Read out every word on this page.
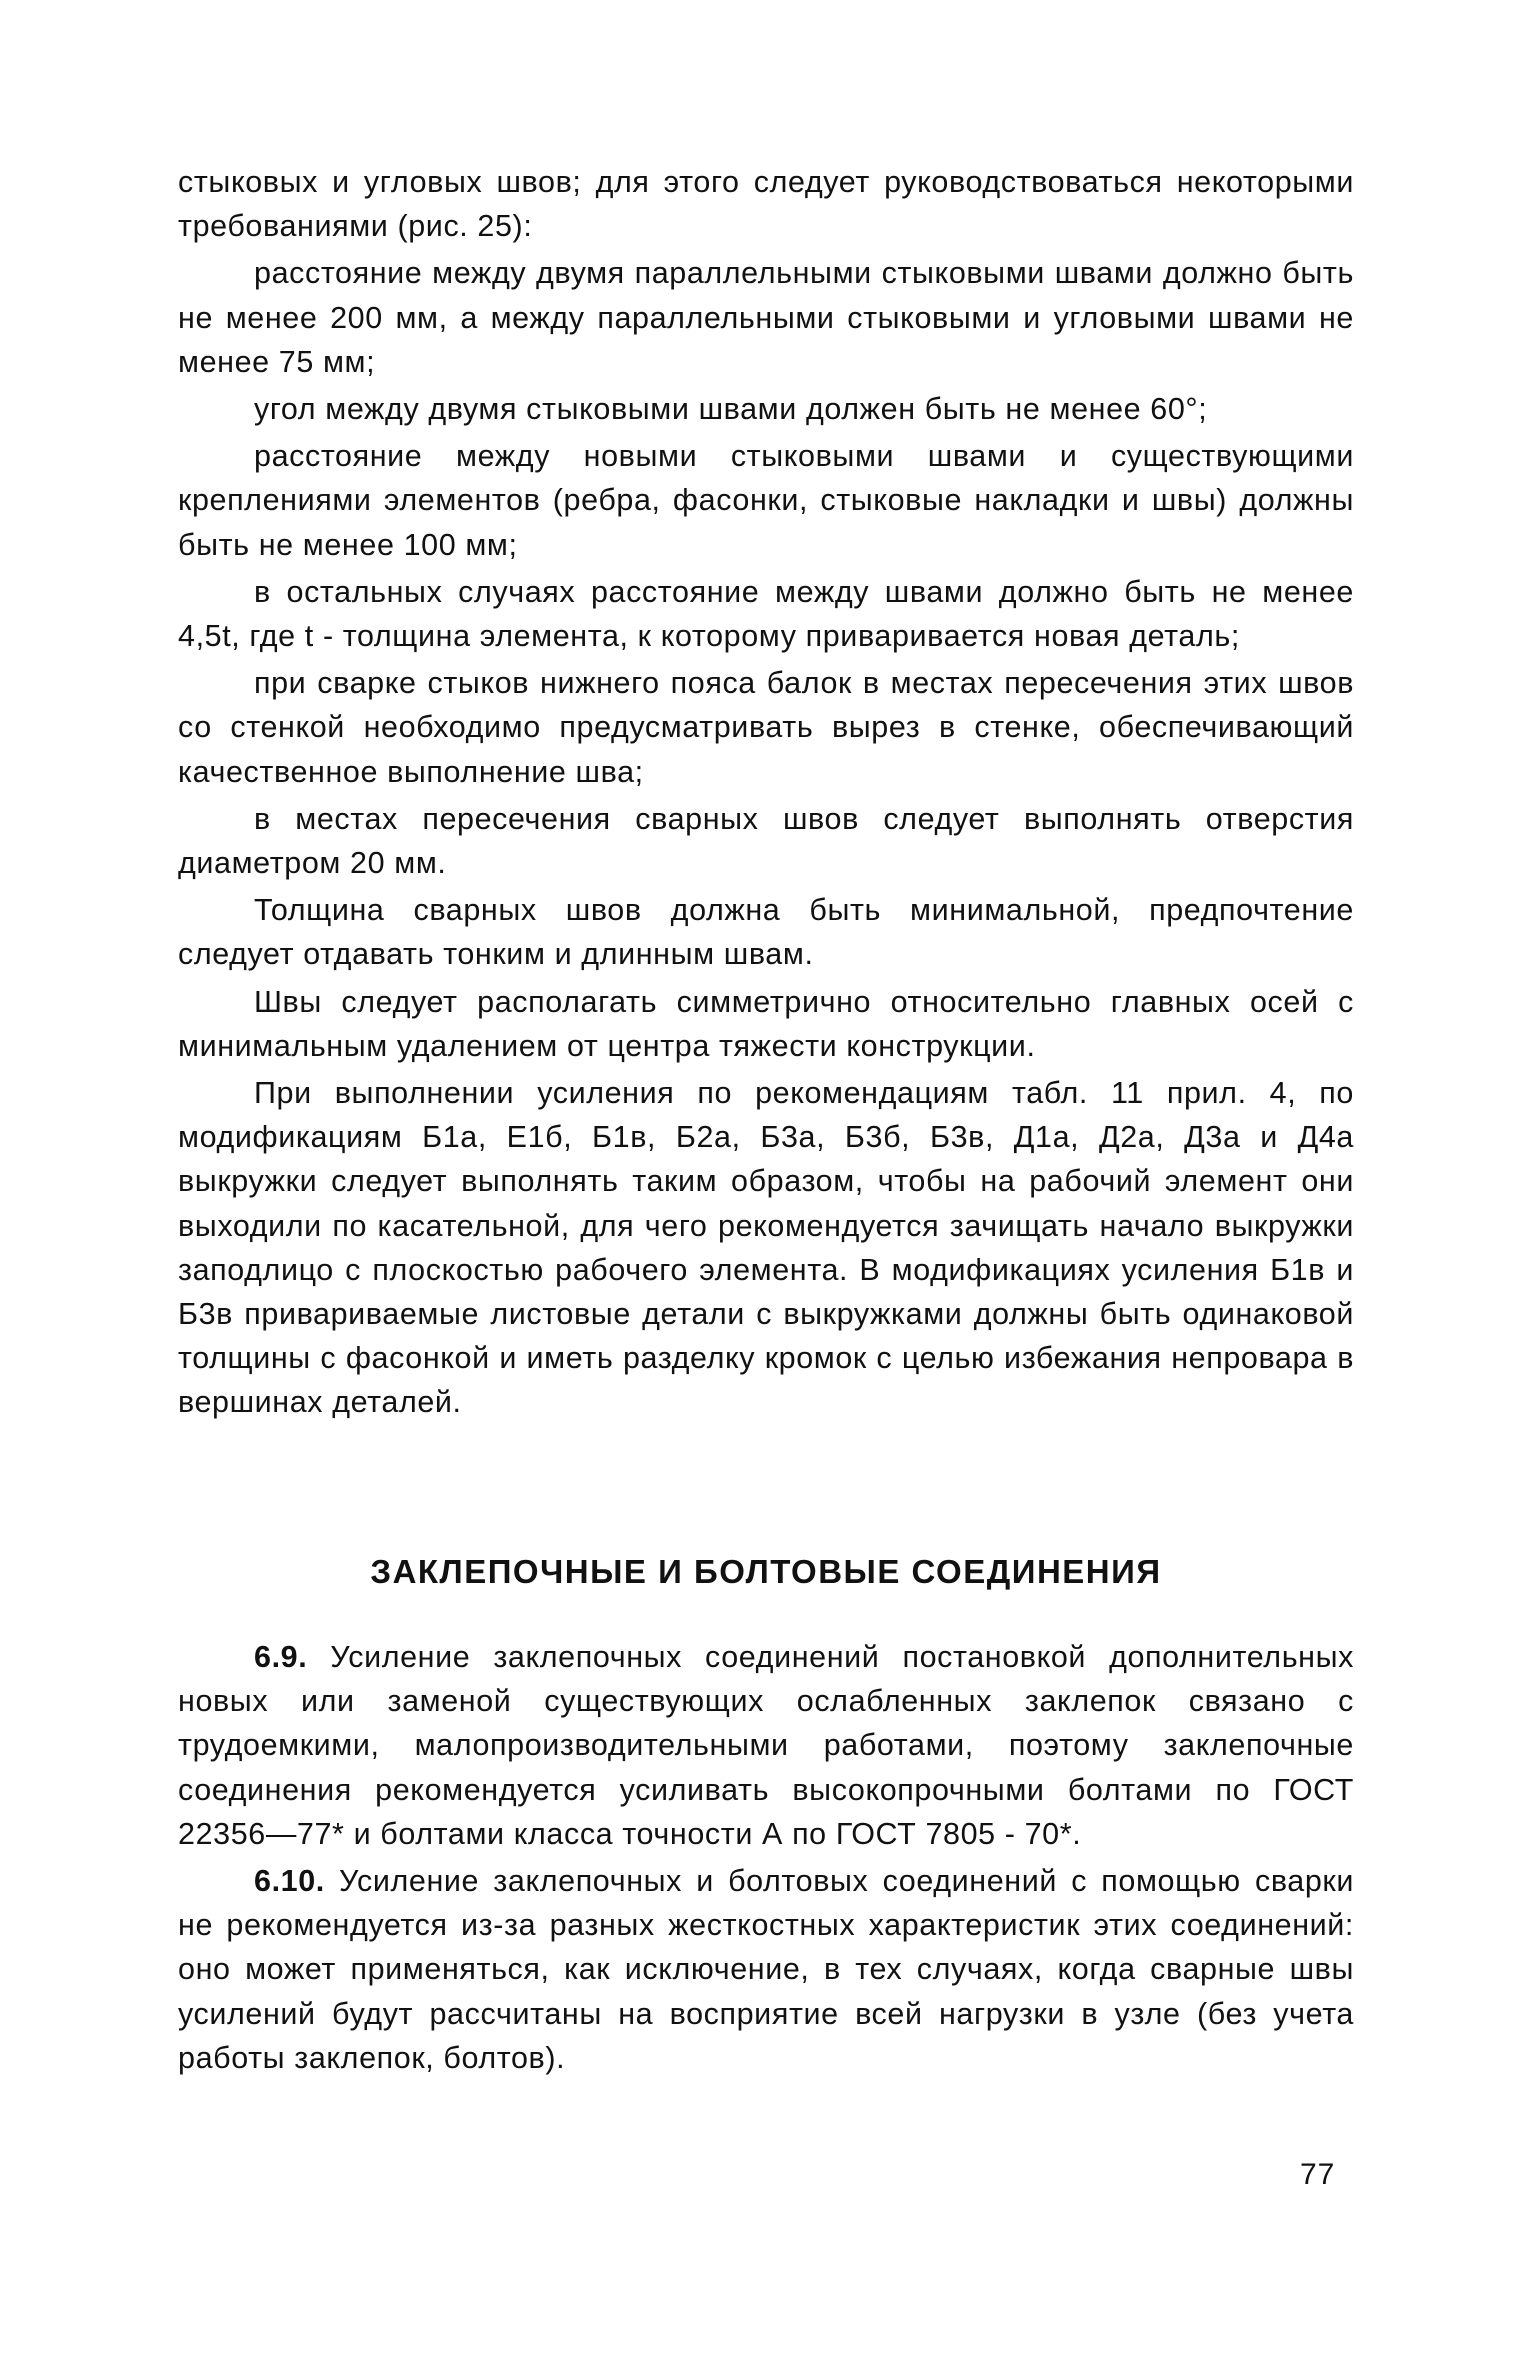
стыковых и угловых швов; для этого следует руководствоваться некоторыми требованиями (рис. 25):

расстояние между двумя параллельными стыковыми швами должно быть не менее 200 мм, а между параллельными стыковыми и угловыми швами не менее 75 мм;

угол между двумя стыковыми швами должен быть не менее 60°;

расстояние между новыми стыковыми швами и существующими креплениями элементов (ребра, фасонки, стыковые накладки и швы) должны быть не менее 100 мм;

в остальных случаях расстояние между швами должно быть не менее 4,5t, где t - толщина элемента, к которому приваривается новая деталь;

при сварке стыков нижнего пояса балок в местах пересечения этих швов со стенкой необходимо предусматривать вырез в стенке, обеспечивающий качественное выполнение шва;

в местах пересечения сварных швов следует выполнять отверстия диаметром 20 мм.

Толщина сварных швов должна быть минимальной, предпочтение следует отдавать тонким и длинным швам.

Швы следует располагать симметрично относительно главных осей с минимальным удалением от центра тяжести конструкции.

При выполнении усиления по рекомендациям табл. 11 прил. 4, по модификациям Б1а, Е1б, Б1в, Б2а, Б3а, Б3б, Б3в, Д1а, Д2а, Д3а и Д4а выкружки следует выполнять таким образом, чтобы на рабочий элемент они выходили по касательной, для чего рекомендуется зачищать начало выкружки заподлицо с плоскостью рабочего элемента. В модификациях усиления Б1в и Б3в привариваемые листовые детали с выкружками должны быть одинаковой толщины с фасонкой и иметь разделку кромок с целью избежания непровара в вершинах деталей.

ЗАКЛЕПОЧНЫЕ И БОЛТОВЫЕ СОЕДИНЕНИЯ

6.9. Усиление заклепочных соединений постановкой дополнительных новых или заменой существующих ослабленных заклепок связано с трудоемкими, малопроизводительными работами, поэтому заклепочные соединения рекомендуется усиливать высокопрочными болтами по ГОСТ 22356—77* и болтами класса точности А по ГОСТ 7805 - 70*.

6.10. Усиление заклепочных и болтовых соединений с помощью сварки не рекомендуется из-за разных жесткостных характеристик этих соединений: оно может применяться, как исключение, в тех случаях, когда сварные швы усилений будут рассчитаны на восприятие всей нагрузки в узле (без учета работы заклепок, болтов).

77
